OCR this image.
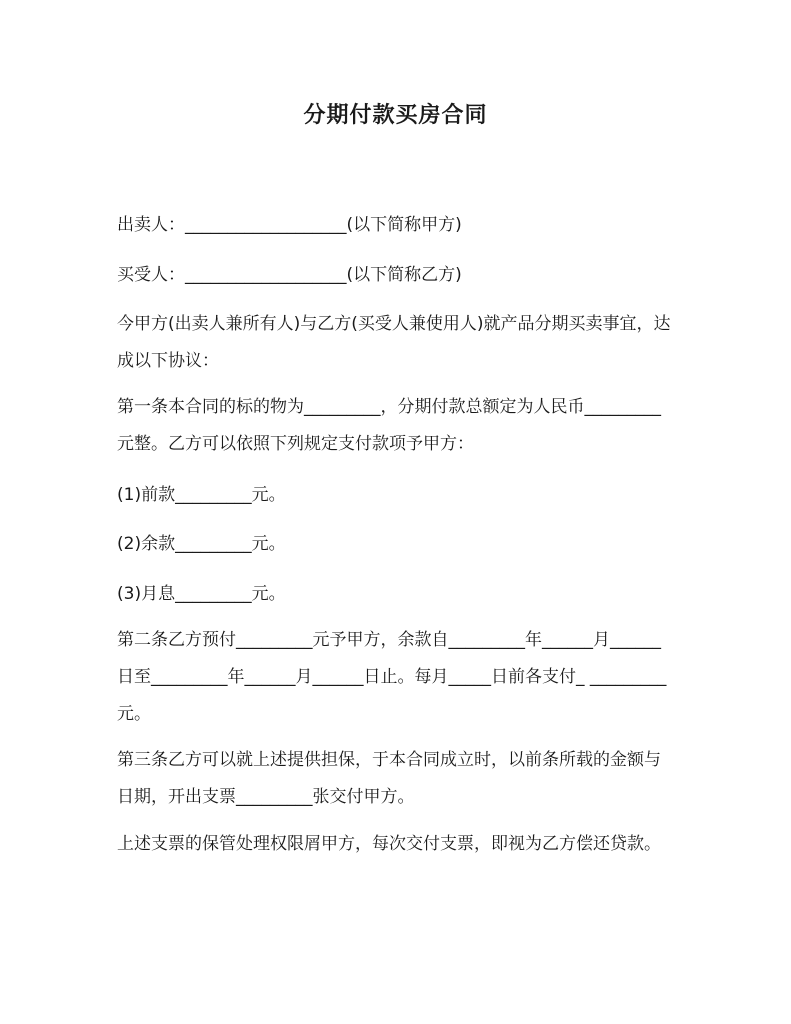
分期付款买房合同

出卖人：___________________(以下简称甲方)

买受人：___________________(以下简称乙方)

今甲方(出卖人兼所有人)与乙方(买受人兼使用人)就产品分期买卖事宜，达成以下协议：

第一条本合同的标的物为_________，分期付款总额定为人民币_________元整。乙方可以依照下列规定支付款项予甲方：

(1)前款_________元。

(2)余款_________元。

(3)月息_________元。

第二条乙方预付_________元予甲方，余款自_________年______月______日至_________年______月______日止。每月_____日前各支付_ _________元。

第三条乙方可以就上述提供担保，于本合同成立时，以前条所载的金额与日期，开出支票_________张交付甲方。

上述支票的保管处理权限屑甲方，每次交付支票，即视为乙方偿还贷款。
